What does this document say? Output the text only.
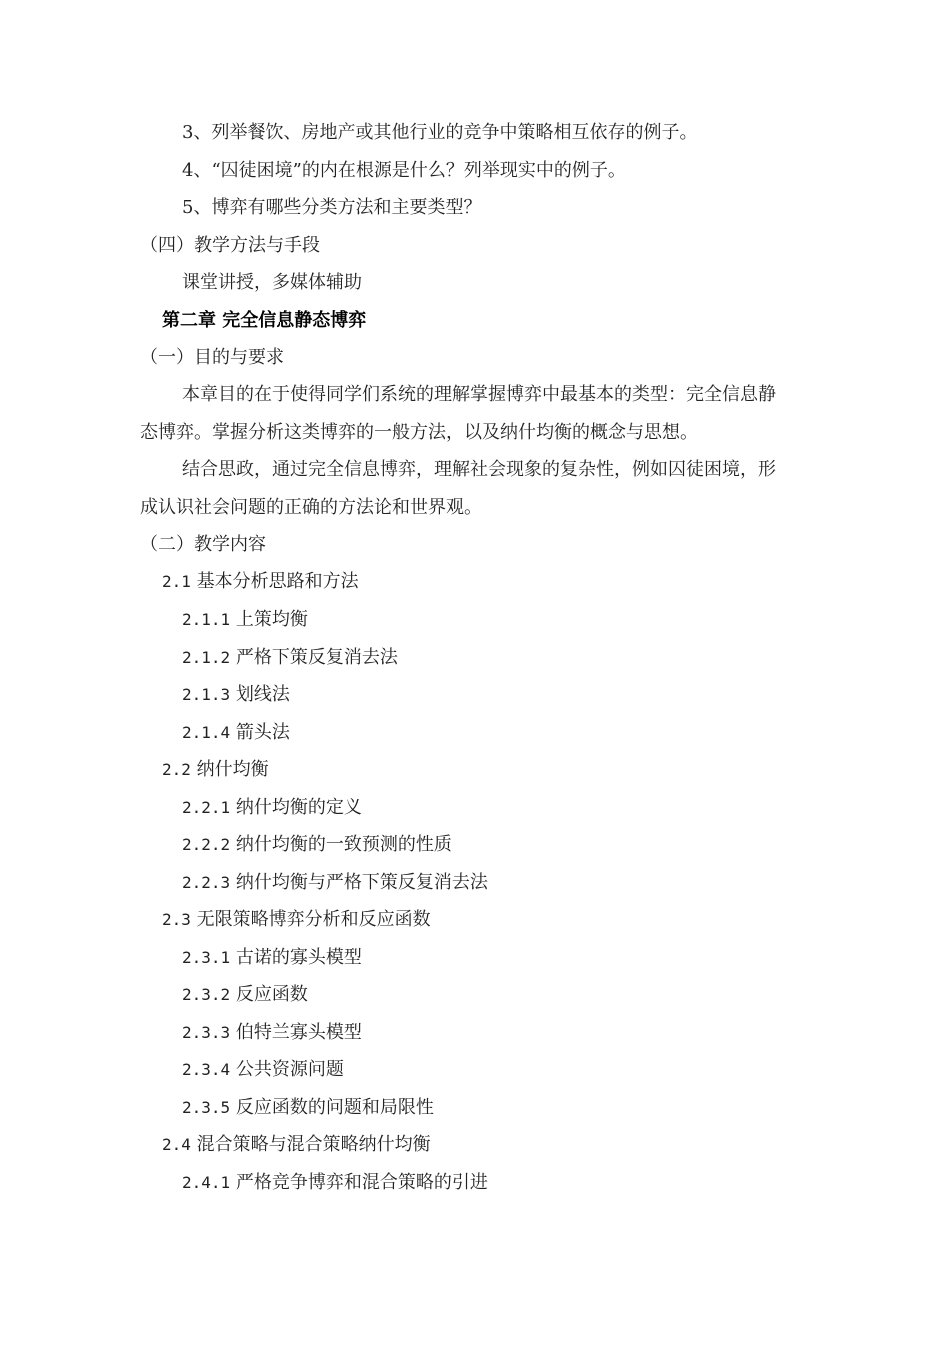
3、列举餐饮、房地产或其他行业的竞争中策略相互依存的例子。
4、“囚徒困境”的内在根源是什么？列举现实中的例子。
5、博弈有哪些分类方法和主要类型？
（四）教学方法与手段
课堂讲授，多媒体辅助
第二章 完全信息静态博弈
（一）目的与要求
本章目的在于使得同学们系统的理解掌握博弈中最基本的类型：完全信息静
态博弈。掌握分析这类博弈的一般方法，以及纳什均衡的概念与思想。
结合思政，通过完全信息博弈，理解社会现象的复杂性，例如囚徒困境，形
成认识社会问题的正确的方法论和世界观。
（二）教学内容
2.1 基本分析思路和方法
2.1.1 上策均衡
2.1.2 严格下策反复消去法
2.1.3 划线法
2.1.4 箭头法
2.2 纳什均衡
2.2.1 纳什均衡的定义
2.2.2 纳什均衡的一致预测的性质
2.2.3 纳什均衡与严格下策反复消去法
2.3 无限策略博弈分析和反应函数
2.3.1 古诺的寡头模型
2.3.2 反应函数
2.3.3 伯特兰寡头模型
2.3.4 公共资源问题
2.3.5 反应函数的问题和局限性
2.4 混合策略与混合策略纳什均衡
2.4.1 严格竞争博弈和混合策略的引进
